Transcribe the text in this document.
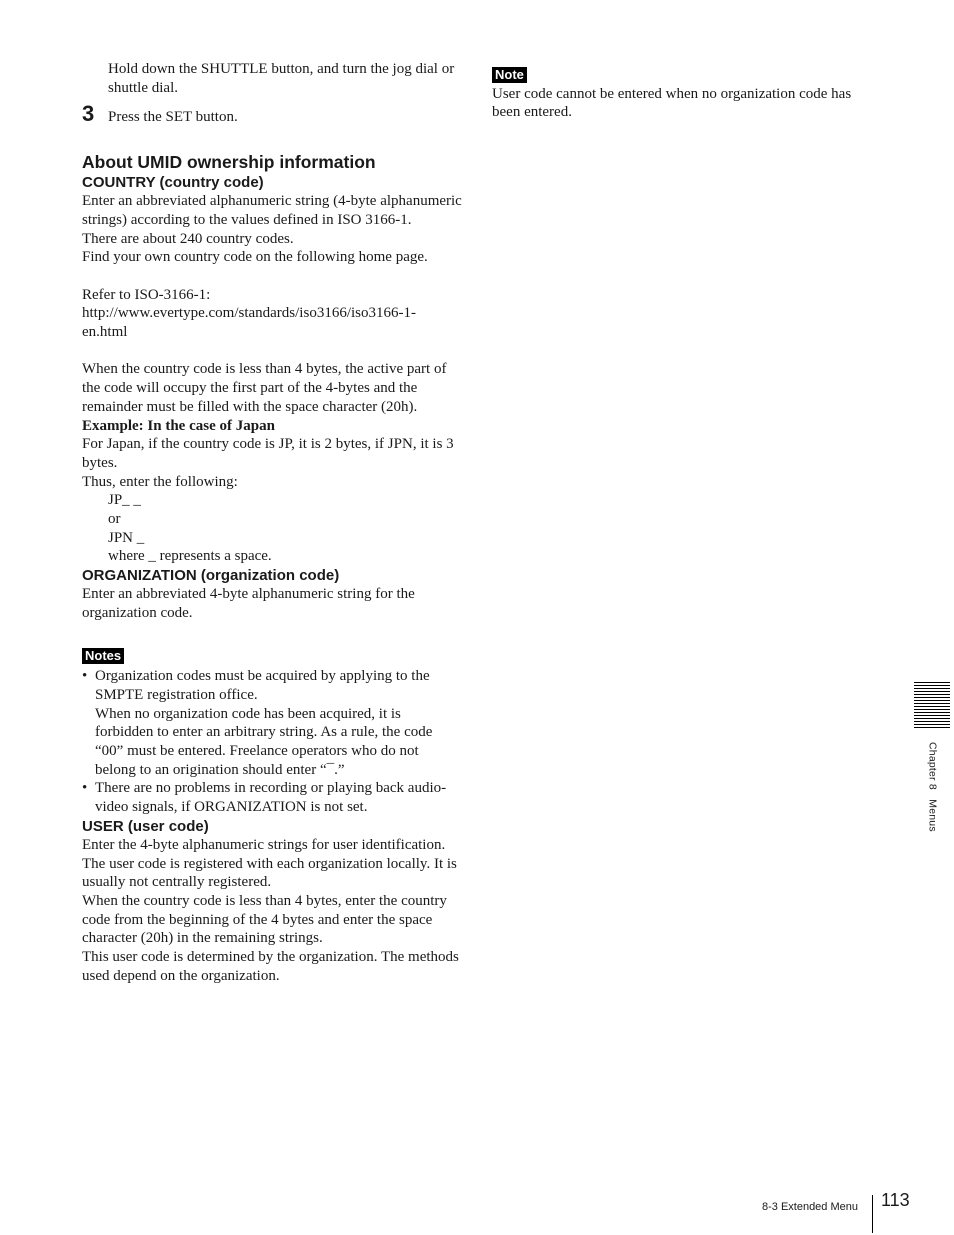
Hold down the SHUTTLE button, and turn the jog dial or shuttle dial.

3 Press the SET button.
About UMID ownership information
COUNTRY (country code)

Enter an abbreviated alphanumeric string (4-byte alphanumeric strings) according to the values defined in ISO 3166-1.

There are about 240 country codes.

Find your own country code on the following home page.

Refer to ISO-3166-1:

http://www.evertype.com/standards/iso3166/iso3166-1-en.html

When the country code is less than 4 bytes, the active part of the code will occupy the first part of the 4-bytes and the remainder must be filled with the space character (20h).

Example: In the case of Japan

For Japan, if the country code is JP, it is 2 bytes, if JPN, it is 3 bytes.

Thus, enter the following:

JP_ _

or

JPN _

where _ represents a space.

ORGANIZATION (organization code)

Enter an abbreviated 4-byte alphanumeric string for the organization code.

Notes

• Organization codes must be acquired by applying to the SMPTE registration office.

When no organization code has been acquired, it is forbidden to enter an arbitrary string. As a rule, the code “00” must be entered. Freelance operators who do not belong to an origination should enter “¯.”

• There are no problems in recording or playing back audio-video signals, if ORGANIZATION is not set.

USER (user code)

Enter the 4-byte alphanumeric strings for user identification.

The user code is registered with each organization locally. It is usually not centrally registered.

When the country code is less than 4 bytes, enter the country code from the beginning of the 4 bytes and enter the space character (20h) in the remaining strings.

This user code is determined by the organization. The methods used depend on the organization.

Note

User code cannot be entered when no organization code has been entered.

Chapter 8   Menus
8-3 Extended Menu 113
